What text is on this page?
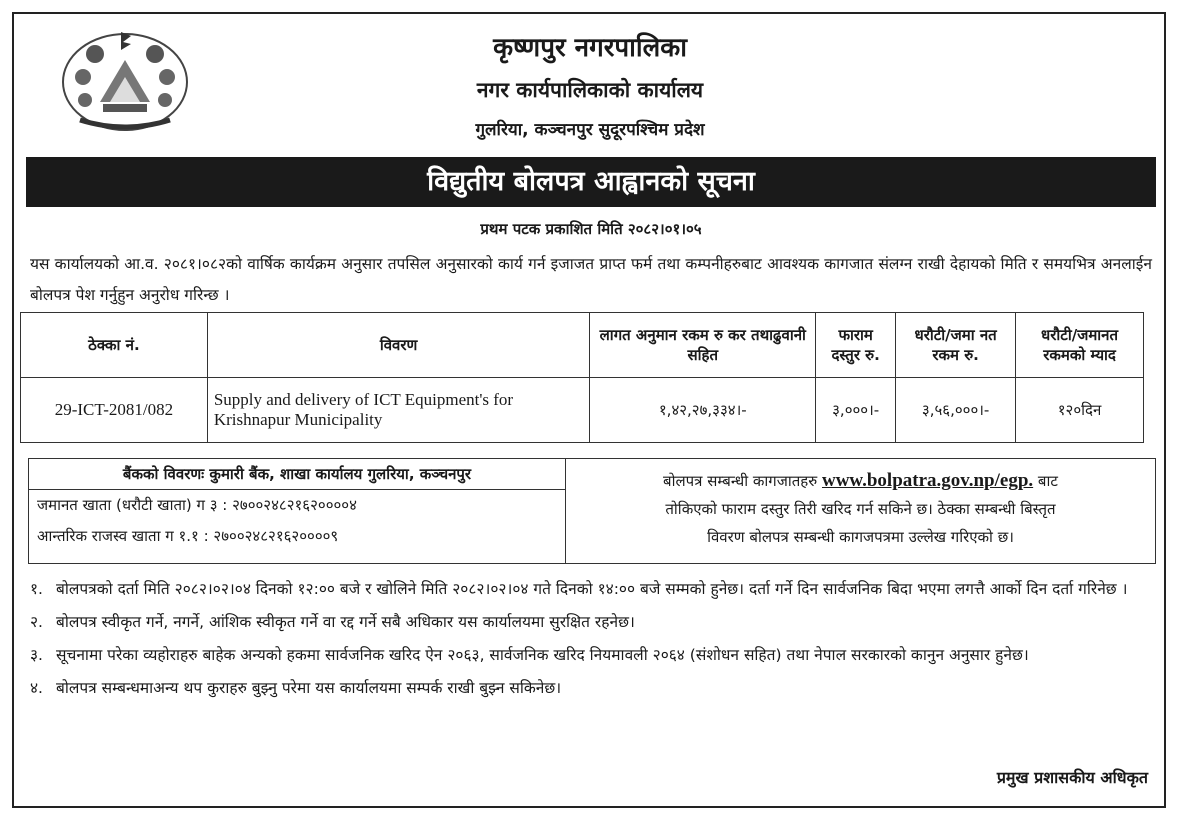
कृष्णपुर नगरपालिका
नगर कार्यपालिकाको कार्यालय
गुलरिया, कञ्चनपुर सुदूरपश्चिम प्रदेश
विद्युतीय बोलपत्र आह्वानको सूचना
प्रथम पटक प्रकाशित मिति २०८२।०१।०५
यस कार्यालयको आ.व. २०८१।०८२को वार्षिक कार्यक्रम अनुसार तपसिल अनुसारको कार्य गर्न इजाजत प्राप्त फर्म तथा कम्पनीहरुबाट आवश्यक कागजात संलग्न राखी देहायको मिति र समयभित्र अनलाईन बोलपत्र पेश गर्नुहुन अनुरोध गरिन्छ ।
ठेक्का नं.	विवरण	लागत अनुमान रकम रु कर तथाढुवानी सहित	फाराम दस्तुर रु.	धरौटी/जमा नत रकम रु.	धरौटी/जमानत रकमको म्याद
29-ICT-2081/082	Supply and delivery of ICT Equipment's for Krishnapur Municipality	१,४२,२७,३३४।-	३,०००।-	३,५६,०००।-	१२०दिन
बैंकको विवरणः कुमारी बैंक, शाखा कार्यालय गुलरिया, कञ्चनपुर
जमानत खाता (धरौटी खाता) ग ३ : २७००२४८२१६२००००४
आन्तरिक राजस्व खाता ग १.१ : २७००२४८२१६२००००९
बोलपत्र सम्बन्धी कागजातहरु www.bolpatra.gov.np/egp. बाट
तोकिएको फाराम दस्तुर तिरी खरिद गर्न सकिने छ। ठेक्का सम्बन्धी बिस्तृत
विवरण बोलपत्र सम्बन्धी कागजपत्रमा उल्लेख गरिएको छ।
१. बोलपत्रको दर्ता मिति २०८२।०२।०४ दिनको १२:०० बजे र खोलिने मिति २०८२।०२।०४ गते दिनको १४:०० बजे सम्मको हुनेछ। दर्ता गर्ने दिन सार्वजनिक बिदा भएमा लगत्तै आर्को दिन दर्ता गरिनेछ ।
२. बोलपत्र स्वीकृत गर्ने, नगर्ने, आंशिक स्वीकृत गर्ने वा रद्द गर्ने सबै अधिकार यस कार्यालयमा सुरक्षित रहनेछ।
३. सूचनामा परेका व्यहोराहरु बाहेक अन्यको हकमा सार्वजनिक खरिद ऐन २०६३, सार्वजनिक खरिद नियमावली २०६४ (संशोधन सहित) तथा नेपाल सरकारको कानुन अनुसार हुनेछ।
४. बोलपत्र सम्बन्धमाअन्य थप कुराहरु बुझ्नु परेमा यस कार्यालयमा सम्पर्क राखी बुझ्न सकिनेछ।
प्रमुख प्रशासकीय अधिकृत
